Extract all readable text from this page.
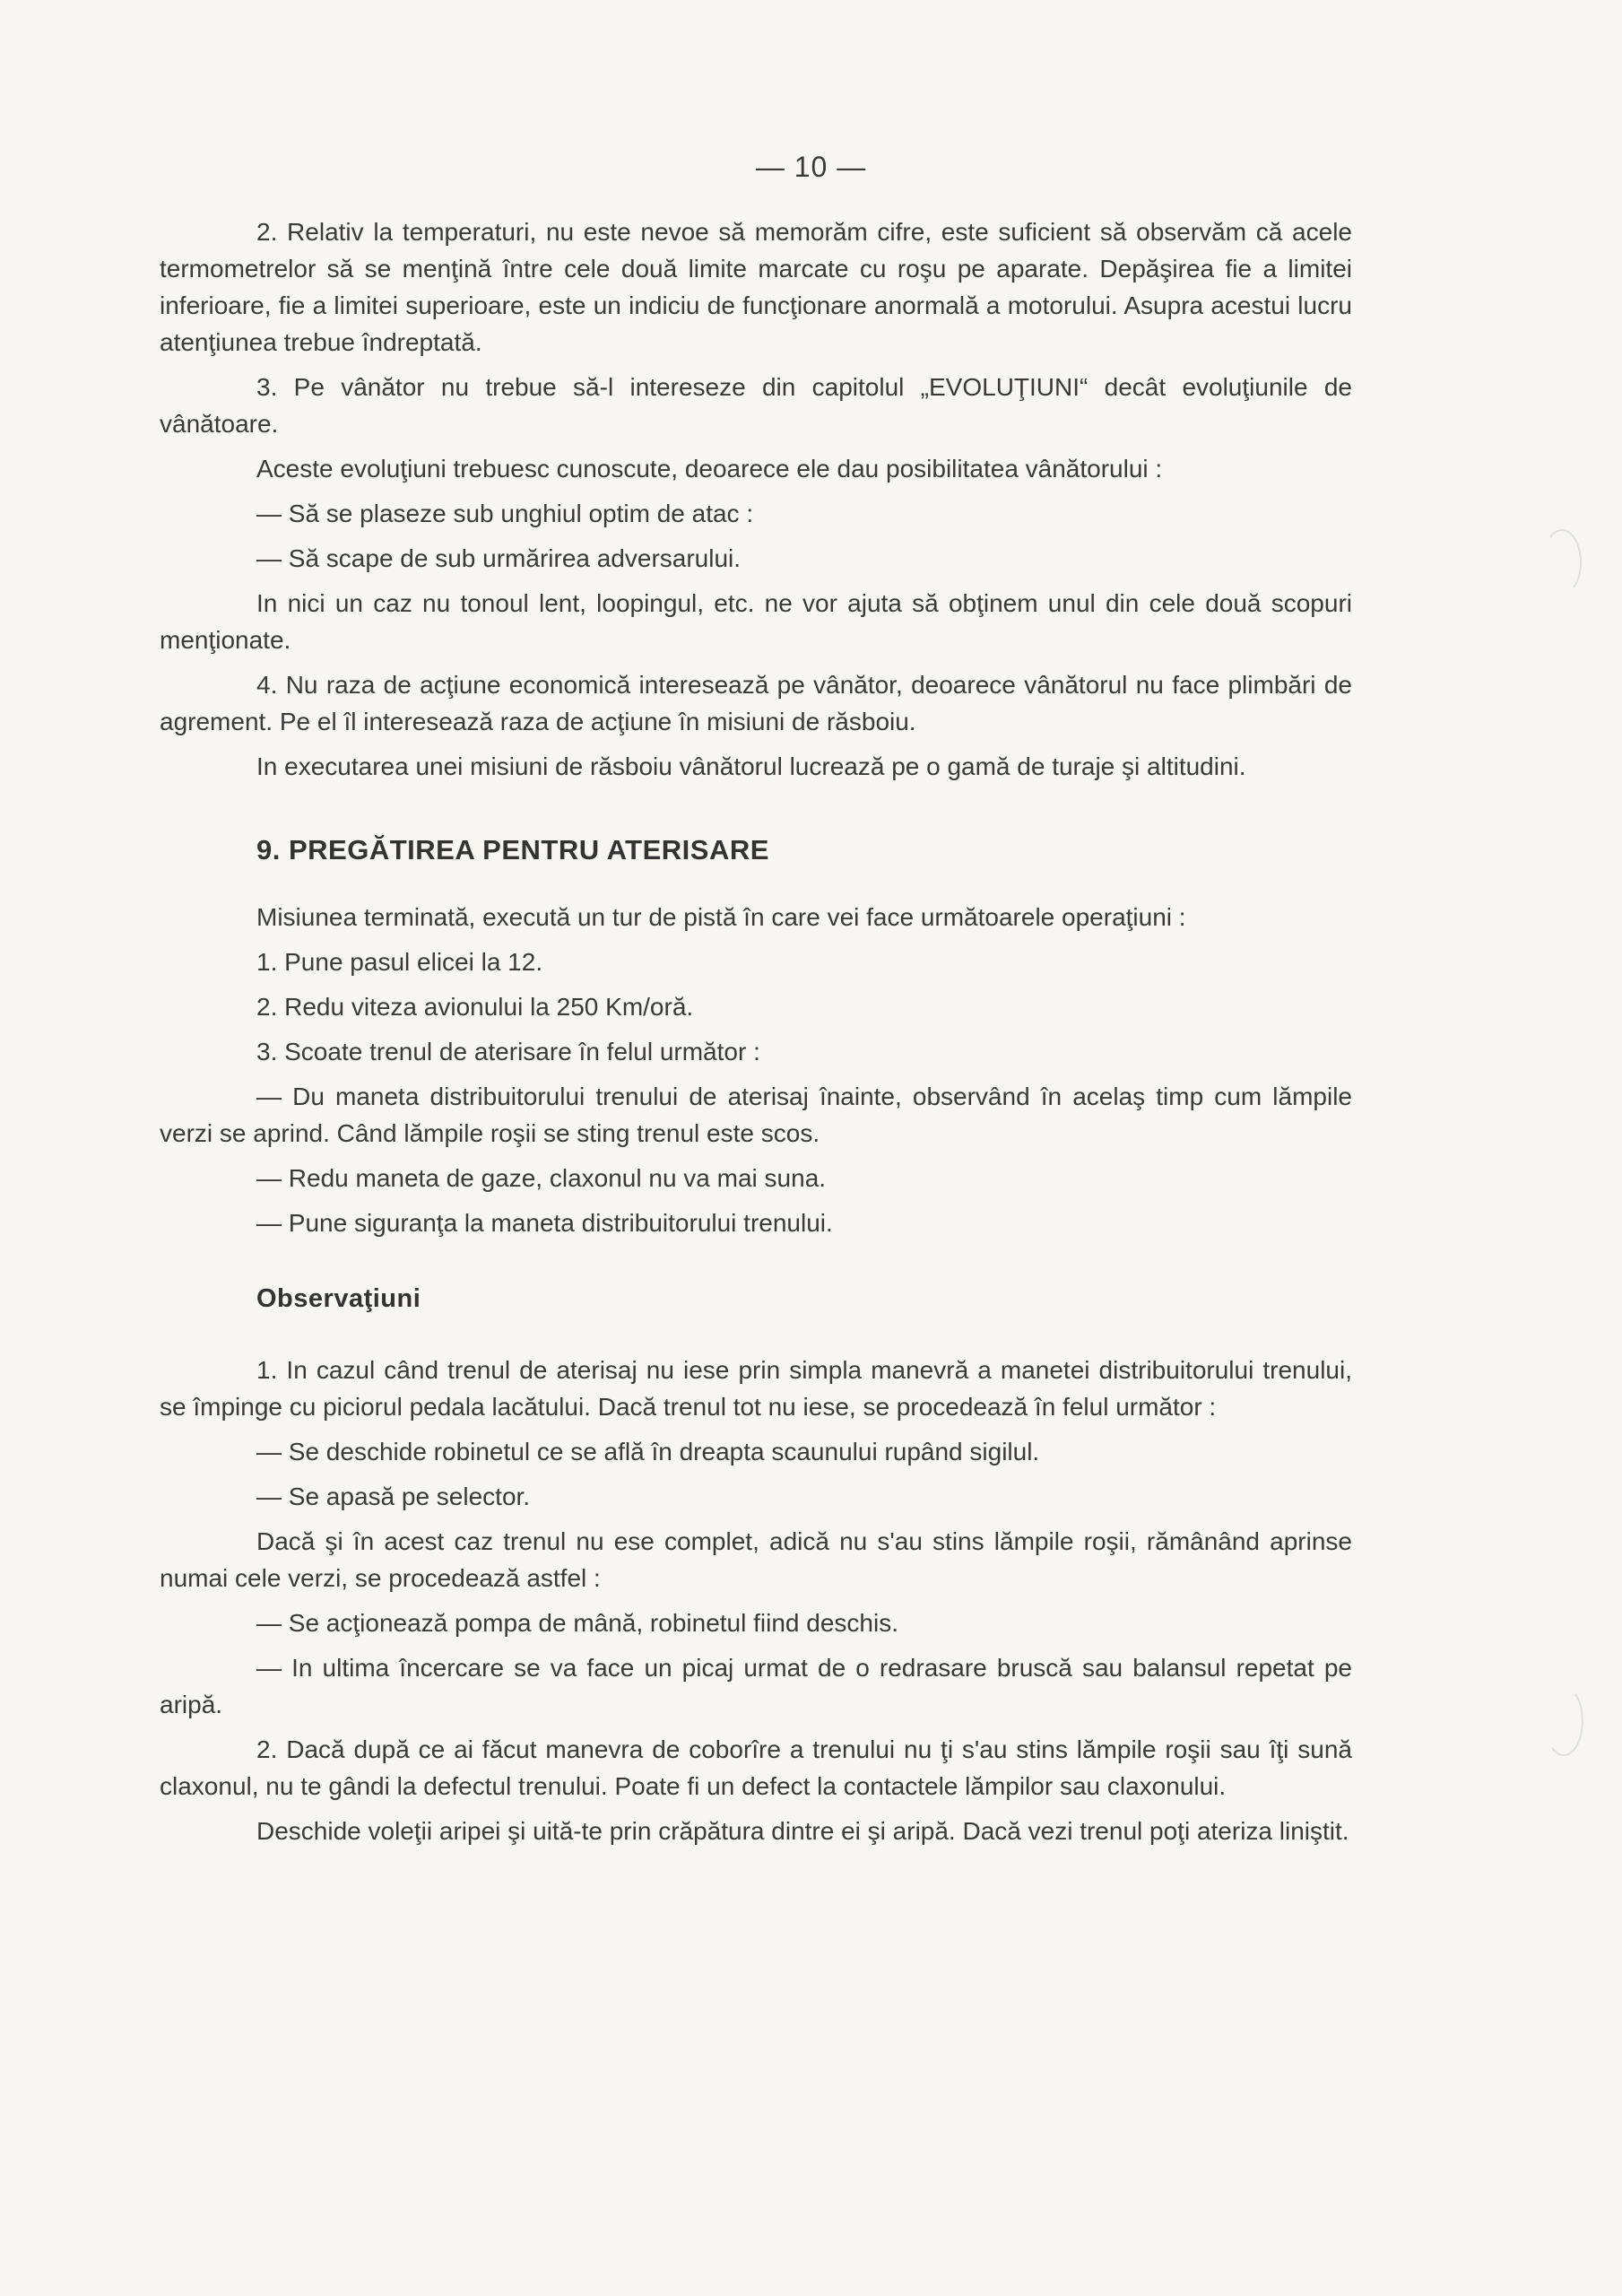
— 10 —

2. Relativ la temperaturi, nu este nevoe să memorăm cifre, este suficient să observăm că acele termometrelor să se menţină între cele două limite marcate cu roşu pe aparate. Depăşirea fie a limitei inferioare, fie a limitei superioare, este un indiciu de funcţionare anormală a motorului. Asupra acestui lucru atenţiunea trebue îndreptată.

3. Pe vânător nu trebue să-l intereseze din capitolul „EVOLUŢIUNI“ decât evoluţiunile de vânătoare.

Aceste evoluţiuni trebuesc cunoscute, deoarece ele dau posibilitatea vânătorului :

— Să se plaseze sub unghiul optim de atac :

— Să scape de sub urmărirea adversarului.

In nici un caz nu tonoul lent, loopingul, etc. ne vor ajuta să obţinem unul din cele două scopuri menţionate.

4. Nu raza de acţiune economică interesează pe vânător, deoarece vânătorul nu face plimbări de agrement. Pe el îl interesează raza de acţiune în misiuni de răsboiu.

In executarea unei misiuni de răsboiu vânătorul lucrează pe o gamă de turaje şi altitudini.

9. PREGĂTIREA PENTRU ATERISARE

Misiunea terminată, execută un tur de pistă în care vei face următoarele operaţiuni :

1. Pune pasul elicei la 12.

2. Redu viteza avionului la 250 Km/oră.

3. Scoate trenul de aterisare în felul următor :

— Du maneta distribuitorului trenului de aterisaj înainte, observând în acelaş timp cum lămpile verzi se aprind. Când lămpile roşii se sting trenul este scos.

— Redu maneta de gaze, claxonul nu va mai suna.

— Pune siguranţa la maneta distribuitorului trenului.

Observaţiuni

1. In cazul când trenul de aterisaj nu iese prin simpla manevră a manetei distribuitorului trenului, se împinge cu piciorul pedala lacătului. Dacă trenul tot nu iese, se procedează în felul următor :

— Se deschide robinetul ce se află în dreapta scaunului rupând sigilul.

— Se apasă pe selector.

Dacă şi în acest caz trenul nu ese complet, adică nu s'au stins lămpile roşii, rămânând aprinse numai cele verzi, se procedează astfel :

— Se acţionează pompa de mână, robinetul fiind deschis.

— In ultima încercare se va face un picaj urmat de o redrasare bruscă sau balansul repetat pe aripă.

2. Dacă după ce ai făcut manevra de coborîre a trenului nu ţi s'au stins lămpile roşii sau îţi sună claxonul, nu te gândi la defectul trenului. Poate fi un defect la contactele lămpilor sau claxonului.

Deschide voleţii aripei şi uită-te prin crăpătura dintre ei şi aripă. Dacă vezi trenul poţi ateriza liniştit.
